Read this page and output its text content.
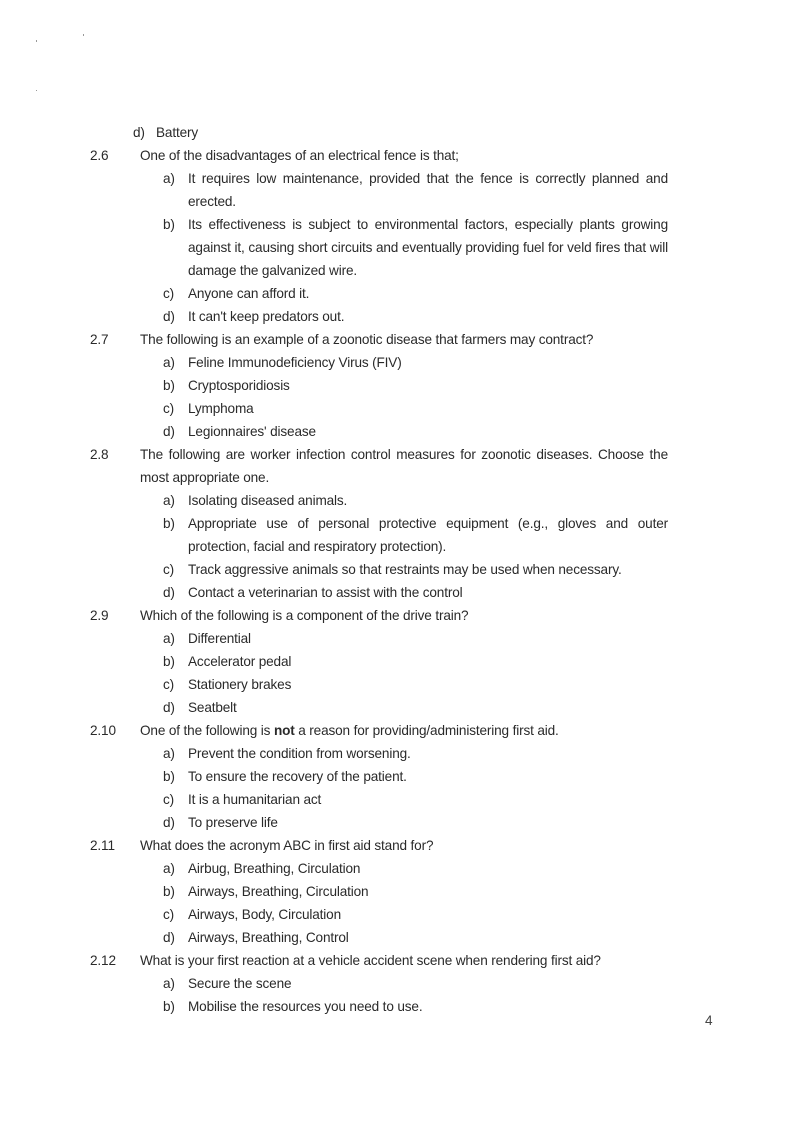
d) Battery
2.6 One of the disadvantages of an electrical fence is that;
a) It requires low maintenance, provided that the fence is correctly planned and erected.
b) Its effectiveness is subject to environmental factors, especially plants growing against it, causing short circuits and eventually providing fuel for veld fires that will damage the galvanized wire.
c) Anyone can afford it.
d) It can't keep predators out.
2.7 The following is an example of a zoonotic disease that farmers may contract?
a) Feline Immunodeficiency Virus (FIV)
b) Cryptosporidiosis
c) Lymphoma
d) Legionnaires' disease
2.8 The following are worker infection control measures for zoonotic diseases. Choose the most appropriate one.
a) Isolating diseased animals.
b) Appropriate use of personal protective equipment (e.g., gloves and outer protection, facial and respiratory protection).
c) Track aggressive animals so that restraints may be used when necessary.
d) Contact a veterinarian to assist with the control
2.9 Which of the following is a component of the drive train?
a) Differential
b) Accelerator pedal
c) Stationery brakes
d) Seatbelt
2.10 One of the following is not a reason for providing/administering first aid.
a) Prevent the condition from worsening.
b) To ensure the recovery of the patient.
c) It is a humanitarian act
d) To preserve life
2.11 What does the acronym ABC in first aid stand for?
a) Airbug, Breathing, Circulation
b) Airways, Breathing, Circulation
c) Airways, Body, Circulation
d) Airways, Breathing, Control
2.12 What is your first reaction at a vehicle accident scene when rendering first aid?
a) Secure the scene
b) Mobilise the resources you need to use.
4
